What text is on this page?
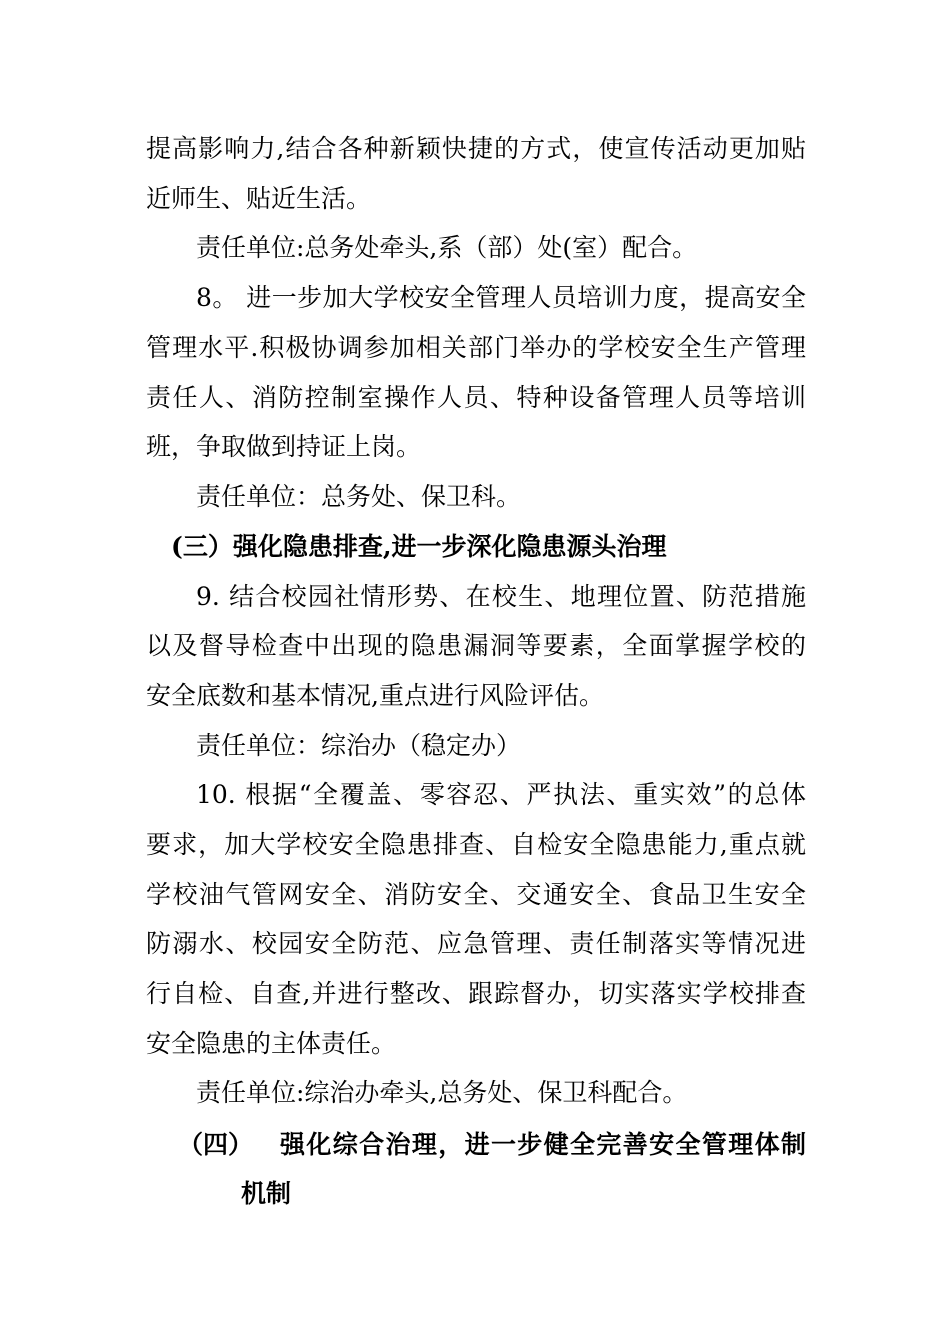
提高影响力,结合各种新颖快捷的方式，使宣传活动更加贴
近师生、贴近生活。
责任单位:总务处牵头,系（部）处(室）配合。
8。 进一步加大学校安全管理人员培训力度，提高安全
管理水平.积极协调参加相关部门举办的学校安全生产管理
责任人、消防控制室操作人员、特种设备管理人员等培训
班，争取做到持证上岗。
责任单位：总务处、保卫科。
(三）强化隐患排查,进一步深化隐患源头治理
9. 结合校园社情形势、在校生、地理位置、防范措施
以及督导检查中出现的隐患漏洞等要素，全面掌握学校的
安全底数和基本情况,重点进行风险评估。
责任单位：综治办（稳定办）
10. 根据“全覆盖、零容忍、严执法、重实效”的总体
要求，加大学校安全隐患排查、自检安全隐患能力,重点就
学校油气管网安全、消防安全、交通安全、食品卫生安全
防溺水、校园安全防范、应急管理、责任制落实等情况进
行自检、自查,并进行整改、跟踪督办，切实落实学校排查
安全隐患的主体责任。
责任单位:综治办牵头,总务处、保卫科配合。
（四） 强化综合治理，进一步健全完善安全管理体制
机制
